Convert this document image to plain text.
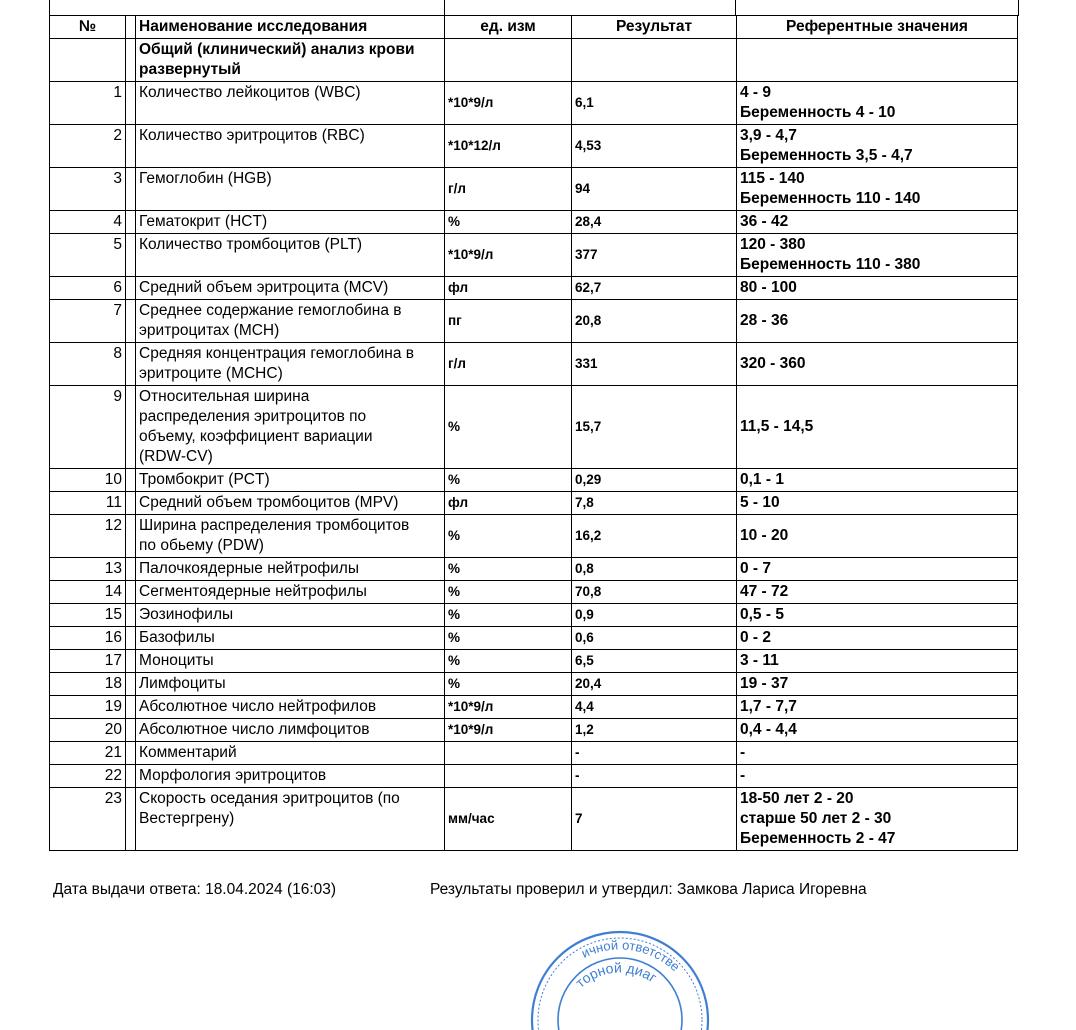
№		Наименование исследования	ед. изм	Результат	Референтные значения

		Общий (клинический) анализ крови
развернутый			

1		Количество лейкоцитов (WBC)	*10*9/л	6,1	4 - 9
Беременность 4 - 10

2		Количество эритроцитов (RBC)	*10*12/л	4,53	3,9 - 4,7
Беременность 3,5 - 4,7

3		Гемоглобин (HGB)	г/л	94	115 - 140
Беременность 110 - 140

4		Гематокрит (HCT)	%	28,4	36 - 42

5		Количество тромбоцитов (PLT)	*10*9/л	377	120 - 380
Беременность 110 - 380

6		Средний объем эритроцита (MCV)	фл	62,7	80 - 100

7		Среднее содержание гемоглобина в
эритроцитах (MCH)	пг	20,8	28 - 36

8		Средняя концентрация гемоглобина в
эритроците (MCHC)	г/л	331	320 - 360

9		Относительная ширина
распределения эритроцитов по
объему, коэффициент вариации
(RDW-CV)	%	15,7	11,5 - 14,5

10		Тромбокрит (PCT)	%	0,29	0,1 - 1

11		Средний объем тромбоцитов (MPV)	фл	7,8	5 - 10

12		Ширина распределения тромбоцитов
по обьему (PDW)	%	16,2	10 - 20

13		Палочкоядерные нейтрофилы	%	0,8	0 - 7

14		Сегментоядерные нейтрофилы	%	70,8	47 - 72

15		Эозинофилы	%	0,9	0,5 - 5

16		Базофилы	%	0,6	0 - 2

17		Моноциты	%	6,5	3 - 11

18		Лимфоциты	%	20,4	19 - 37

19		Абсолютное число нейтрофилов	*10*9/л	4,4	1,7 - 7,7

20		Абсолютное число лимфоцитов	*10*9/л	1,2	0,4 - 4,4

21		Комментарий		-	-

22		Морфология эритроцитов		-	-

23		Скорость оседания эритроцитов (по
Вестергрену)	мм/час	7	18-50 лет 2 - 20
старше 50 лет 2 - 30
Беременность 2 - 47
Дата выдачи ответа: 18.04.2024 (16:03)	Результаты проверил и утвердил: Замкова Лариса Игоревна
ичной ответстве
торной диаг
